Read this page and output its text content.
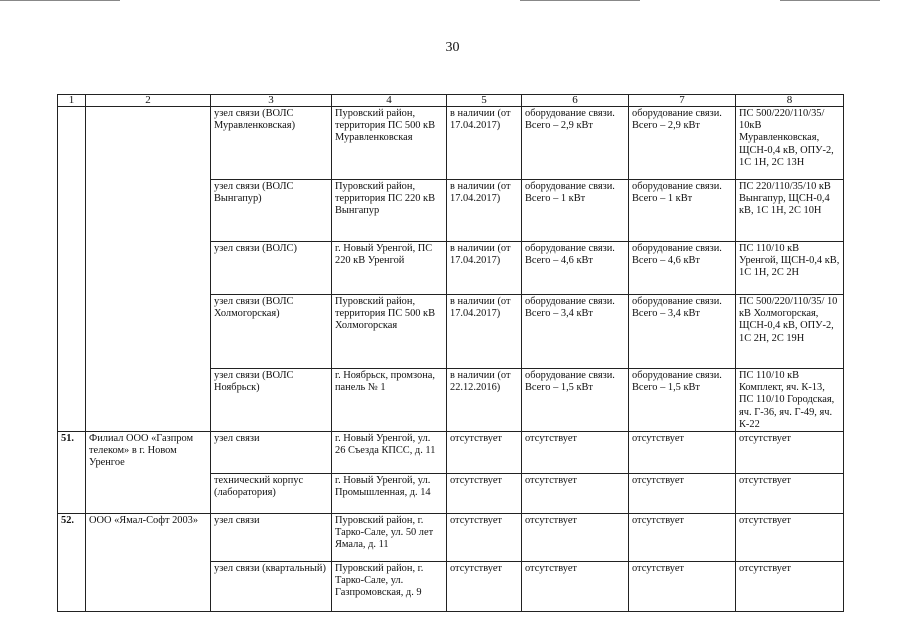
30
1	2	3	4	5	6	7	8
		узел связи (ВОЛС Муравленковская)	Пуровский район, территория ПС 500 кВ Муравленковская	в наличии (от 17.04.2017)	оборудование связи. Всего – 2,9 кВт	оборудование связи. Всего – 2,9 кВт	ПС 500/220/110/35/ 10кВ Муравленковская, ЩСН-0,4 кВ, ОПУ-2, 1С 1Н, 2С 13Н
		узел связи (ВОЛС Вынгапур)	Пуровский район, территория ПС 220 кВ Вынгапур	в наличии (от 17.04.2017)	оборудование связи. Всего – 1 кВт	оборудование связи. Всего – 1 кВт	ПС 220/110/35/10 кВ Вынгапур, ЩСН-0,4 кВ, 1С 1Н, 2С 10Н
		узел связи (ВОЛС)	г. Новый Уренгой, ПС 220 кВ Уренгой	в наличии (от 17.04.2017)	оборудование связи. Всего – 4,6 кВт	оборудование связи. Всего – 4,6 кВт	ПС 110/10 кВ Уренгой, ЩСН-0,4 кВ, 1С 1Н, 2С 2Н
		узел связи (ВОЛС Холмогорская)	Пуровский район, территория ПС 500 кВ Холмогорская	в наличии (от 17.04.2017)	оборудование связи. Всего – 3,4 кВт	оборудование связи. Всего – 3,4 кВт	ПС 500/220/110/35/ 10 кВ Холмогорская, ЩСН-0,4 кВ, ОПУ-2, 1С 2Н, 2С 19Н
		узел связи (ВОЛС Ноябрьск)	г. Ноябрьск, промзона, панель № 1	в наличии (от 22.12.2016)	оборудование связи. Всего – 1,5 кВт	оборудование связи. Всего – 1,5 кВт	ПС 110/10 кВ Комплект, яч. К-13, ПС 110/10 Городская, яч. Г-36, яч. Г-49, яч. К-22
51.	Филиал ООО «Газпром телеком» в г. Новом Уренгое	узел связи	г. Новый Уренгой, ул. 26 Съезда КПСС, д. 11	отсутствует	отсутствует	отсутствует	отсутствует
		технический корпус (лаборатория)	г. Новый Уренгой, ул. Промышленная, д. 14	отсутствует	отсутствует	отсутствует	отсутствует
52.	ООО «Ямал-Софт 2003»	узел связи	Пуровский район, г. Тарко-Сале, ул. 50 лет Ямала, д. 11	отсутствует	отсутствует	отсутствует	отсутствует
		узел связи (квартальный)	Пуровский район, г. Тарко-Сале, ул. Газпромовская, д. 9	отсутствует	отсутствует	отсутствует	отсутствует
